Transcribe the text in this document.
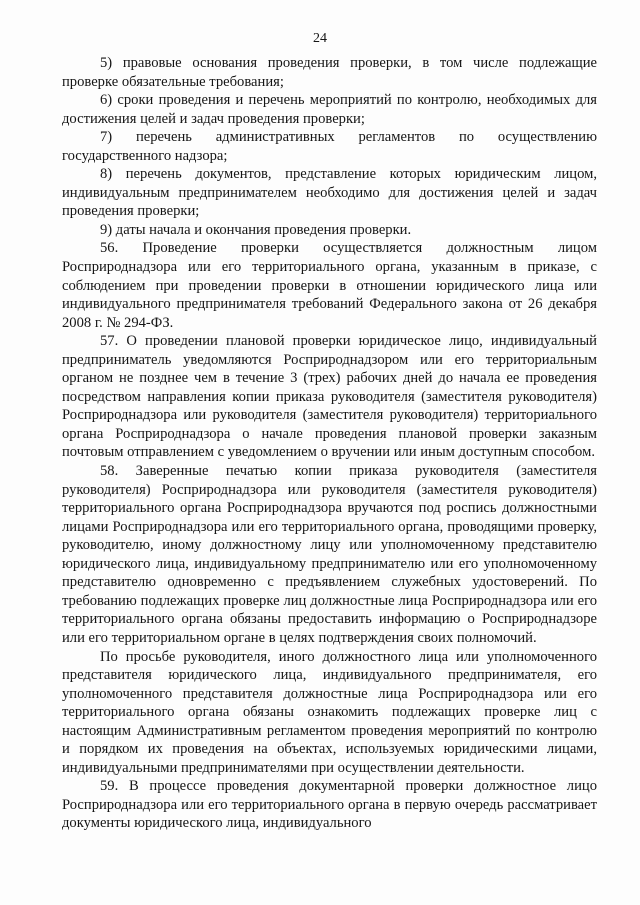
24

5) правовые основания проведения проверки, в том числе подлежащие проверке обязательные требования;

6) сроки проведения и перечень мероприятий по контролю, необходимых для достижения целей и задач проведения проверки;

7) перечень административных регламентов по осуществлению государственного надзора;

8) перечень документов, представление которых юридическим лицом, индивидуальным предпринимателем необходимо для достижения целей и задач проведения проверки;

9) даты начала и окончания проведения проверки.

56. Проведение проверки осуществляется должностным лицом Росприроднадзора или его территориального органа, указанным в приказе, с соблюдением при проведении проверки в отношении юридического лица или индивидуального предпринимателя требований Федерального закона от 26 декабря 2008 г. № 294-ФЗ.

57. О проведении плановой проверки юридическое лицо, индивидуальный предприниматель уведомляются Росприроднадзором или его территориальным органом не позднее чем в течение 3 (трех) рабочих дней до начала ее проведения посредством направления копии приказа руководителя (заместителя руководителя) Росприроднадзора или руководителя (заместителя руководителя) территориального органа Росприроднадзора о начале проведения плановой проверки заказным почтовым отправлением с уведомлением о вручении или иным доступным способом.

58. Заверенные печатью копии приказа руководителя (заместителя руководителя) Росприроднадзора или руководителя (заместителя руководителя) территориального органа Росприроднадзора вручаются под роспись должностными лицами Росприроднадзора или его территориального органа, проводящими проверку, руководителю, иному должностному лицу или уполномоченному представителю юридического лица, индивидуальному предпринимателю или его уполномоченному представителю одновременно с предъявлением служебных удостоверений. По требованию подлежащих проверке лиц должностные лица Росприроднадзора или его территориального органа обязаны предоставить информацию о Росприроднадзоре или его территориальном органе в целях подтверждения своих полномочий.

По просьбе руководителя, иного должностного лица или уполномоченного представителя юридического лица, индивидуального предпринимателя, его уполномоченного представителя должностные лица Росприроднадзора или его территориального органа обязаны ознакомить подлежащих проверке лиц с настоящим Административным регламентом проведения мероприятий по контролю и порядком их проведения на объектах, используемых юридическими лицами, индивидуальными предпринимателями при осуществлении деятельности.

59. В процессе проведения документарной проверки должностное лицо Росприроднадзора или его территориального органа в первую очередь рассматривает документы юридического лица, индивидуального
